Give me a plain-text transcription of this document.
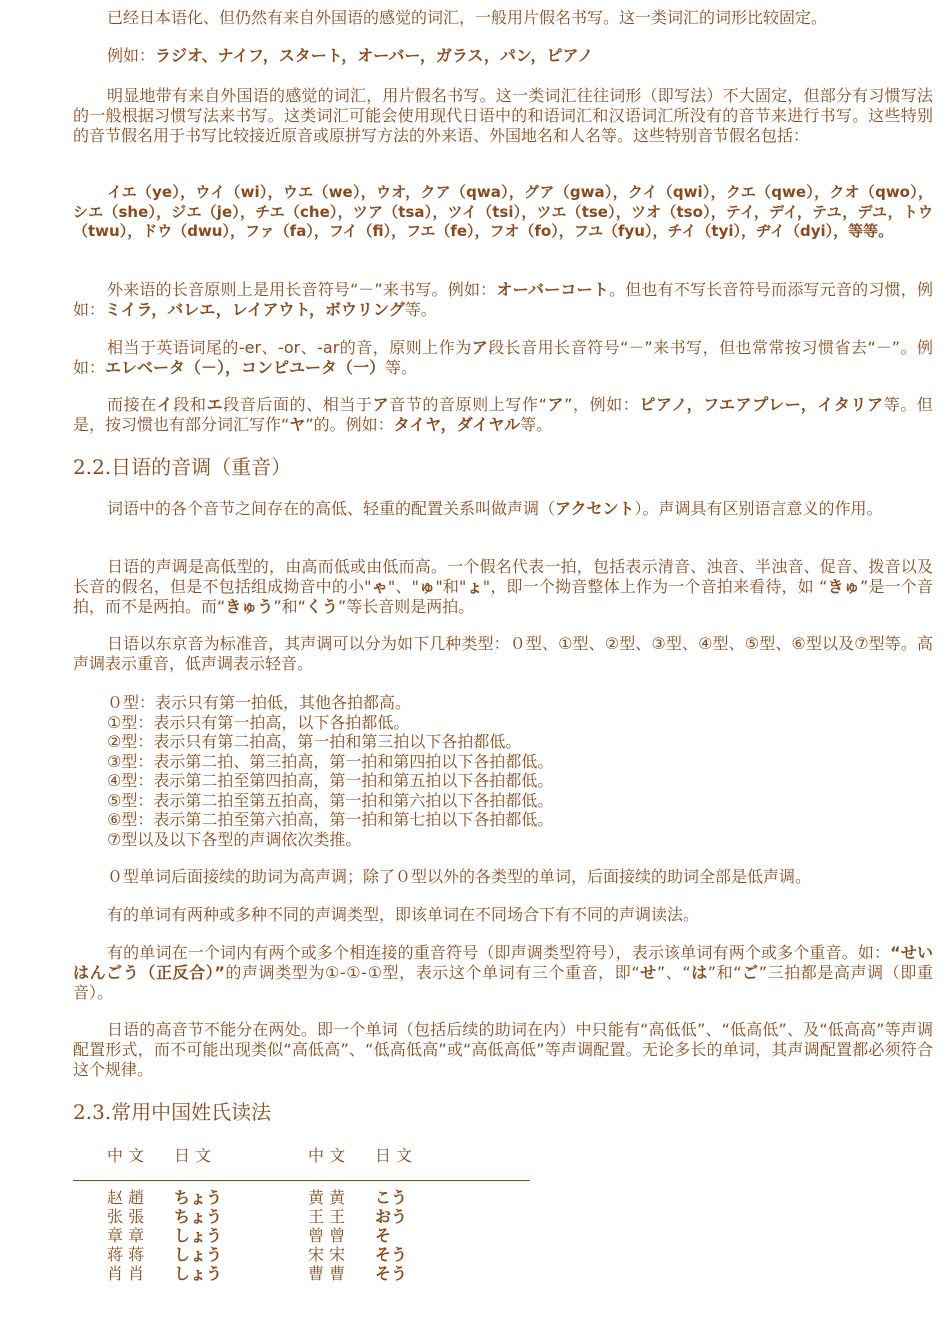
已经日本语化、但仍然有来自外国语的感觉的词汇，一般用片假名书写。这一类词汇的词形比较固定。

例如：ラジオ、ナイフ，スタート，オーバー，ガラス，パン，ピアノ

明显地带有来自外国语的感觉的词汇，用片假名书写。这一类词汇往往词形（即写法）不大固定，但部分有习惯写法的一般根据习惯写法来书写。这类词汇可能会使用现代日语中的和语词汇和汉语词汇所没有的音节来进行书写。这些特别的音节假名用于书写比较接近原音或原拼写方法的外来语、外国地名和人名等。这些特别音节假名包括：

イエ（ye），ウイ（wi），ウエ（we），ウオ，クア（qwa），グア（gwa），クイ（qwi），クエ（qwe），クオ（qwo），シエ（she），ジエ（je），チエ（che），ツア（tsa），ツイ（tsi），ツエ（tse），ツオ（tso），テイ，デイ，テユ，デユ，トウ（twu），ドウ（dwu），ファ（fa），フイ（fi），フエ（fe），フオ（fo），フユ（fyu），チイ（tyi），ヂイ（dyi），等等。

外来语的长音原则上是用长音符号“－”来书写。例如：オーバーコート。但也有不写长音符号而添写元音的习惯，例如：ミイラ，バレエ，レイアウト，ボウリング等。

相当于英语词尾的-er、-or、-ar的音，原则上作为ア段长音用长音符号“－”来书写，但也常常按习惯省去“－”。例如：エレベータ（－），コンピユータ（一）等。

而接在イ段和エ段音后面的、相当于ア音节的音原则上写作“ア”，例如：ピアノ，フエアプレー，イタリア等。但是，按习惯也有部分词汇写作“ヤ”的。例如：タイヤ，ダイヤル等。

2.2.日语的音调（重音）

词语中的各个音节之间存在的高低、轻重的配置关系叫做声调（アクセント）。声调具有区别语言意义的作用。

日语的声调是高低型的，由高而低或由低而高。一个假名代表一拍，包括表示清音、浊音、半浊音、促音、拨音以及长音的假名，但是不包括组成拗音中的小"ゃ"、"ゅ"和"ょ"，即一个拗音整体上作为一个音拍来看待，如 “きゅ”是一个音拍，而不是两拍。而“きゅう”和“くう”等长音则是两拍。

日语以东京音为标准音，其声调可以分为如下几种类型：０型、①型、②型、③型、④型、⑤型、⑥型以及⑦型等。高声调表示重音，低声调表示轻音。

０型：表示只有第一拍低，其他各拍都高。
①型：表示只有第一拍高，以下各拍都低。
②型：表示只有第二拍高，第一拍和第三拍以下各拍都低。
③型：表示第二拍、第三拍高，第一拍和第四拍以下各拍都低。
④型：表示第二拍至第四拍高，第一拍和第五拍以下各拍都低。
⑤型：表示第二拍至第五拍高，第一拍和第六拍以下各拍都低。
⑥型：表示第二拍至第六拍高，第一拍和第七拍以下各拍都低。
⑦型以及以下各型的声调依次类推。

０型单词后面接续的助词为高声调；除了０型以外的各类型的单词，后面接续的助词全部是低声调。

有的单词有两种或多种不同的声调类型，即该单词在不同场合下有不同的声调读法。

有的单词在一个词内有两个或多个相连接的重音符号（即声调类型符号），表示该单词有两个或多个重音。如：“せいはんごう（正反合）”的声调类型为①-①-①型，表示这个单词有三个重音，即“せ”、“は”和“ご”三拍都是高声调（即重音）。

日语的高音节不能分在两处。即一个单词（包括后续的助词在内）中只能有“高低低”、“低高低”、及“低高高”等声调配置形式，而不可能出现类似“高低高”、“低高低高”或“高低高低”等声调配置。无论多长的单词，其声调配置都必须符合这个规律。

2.3.常用中国姓氏读法
中 文 日 文	中 文 日 文
赵 趙 ちょう	黄 黄 こう
张 張 ちょう	王 王 おう
章 章 しょう	曾 曾 そ
蒋 蒋 しょう	宋 宋 そう
肖 肖 しょう	曹 曹 そう
